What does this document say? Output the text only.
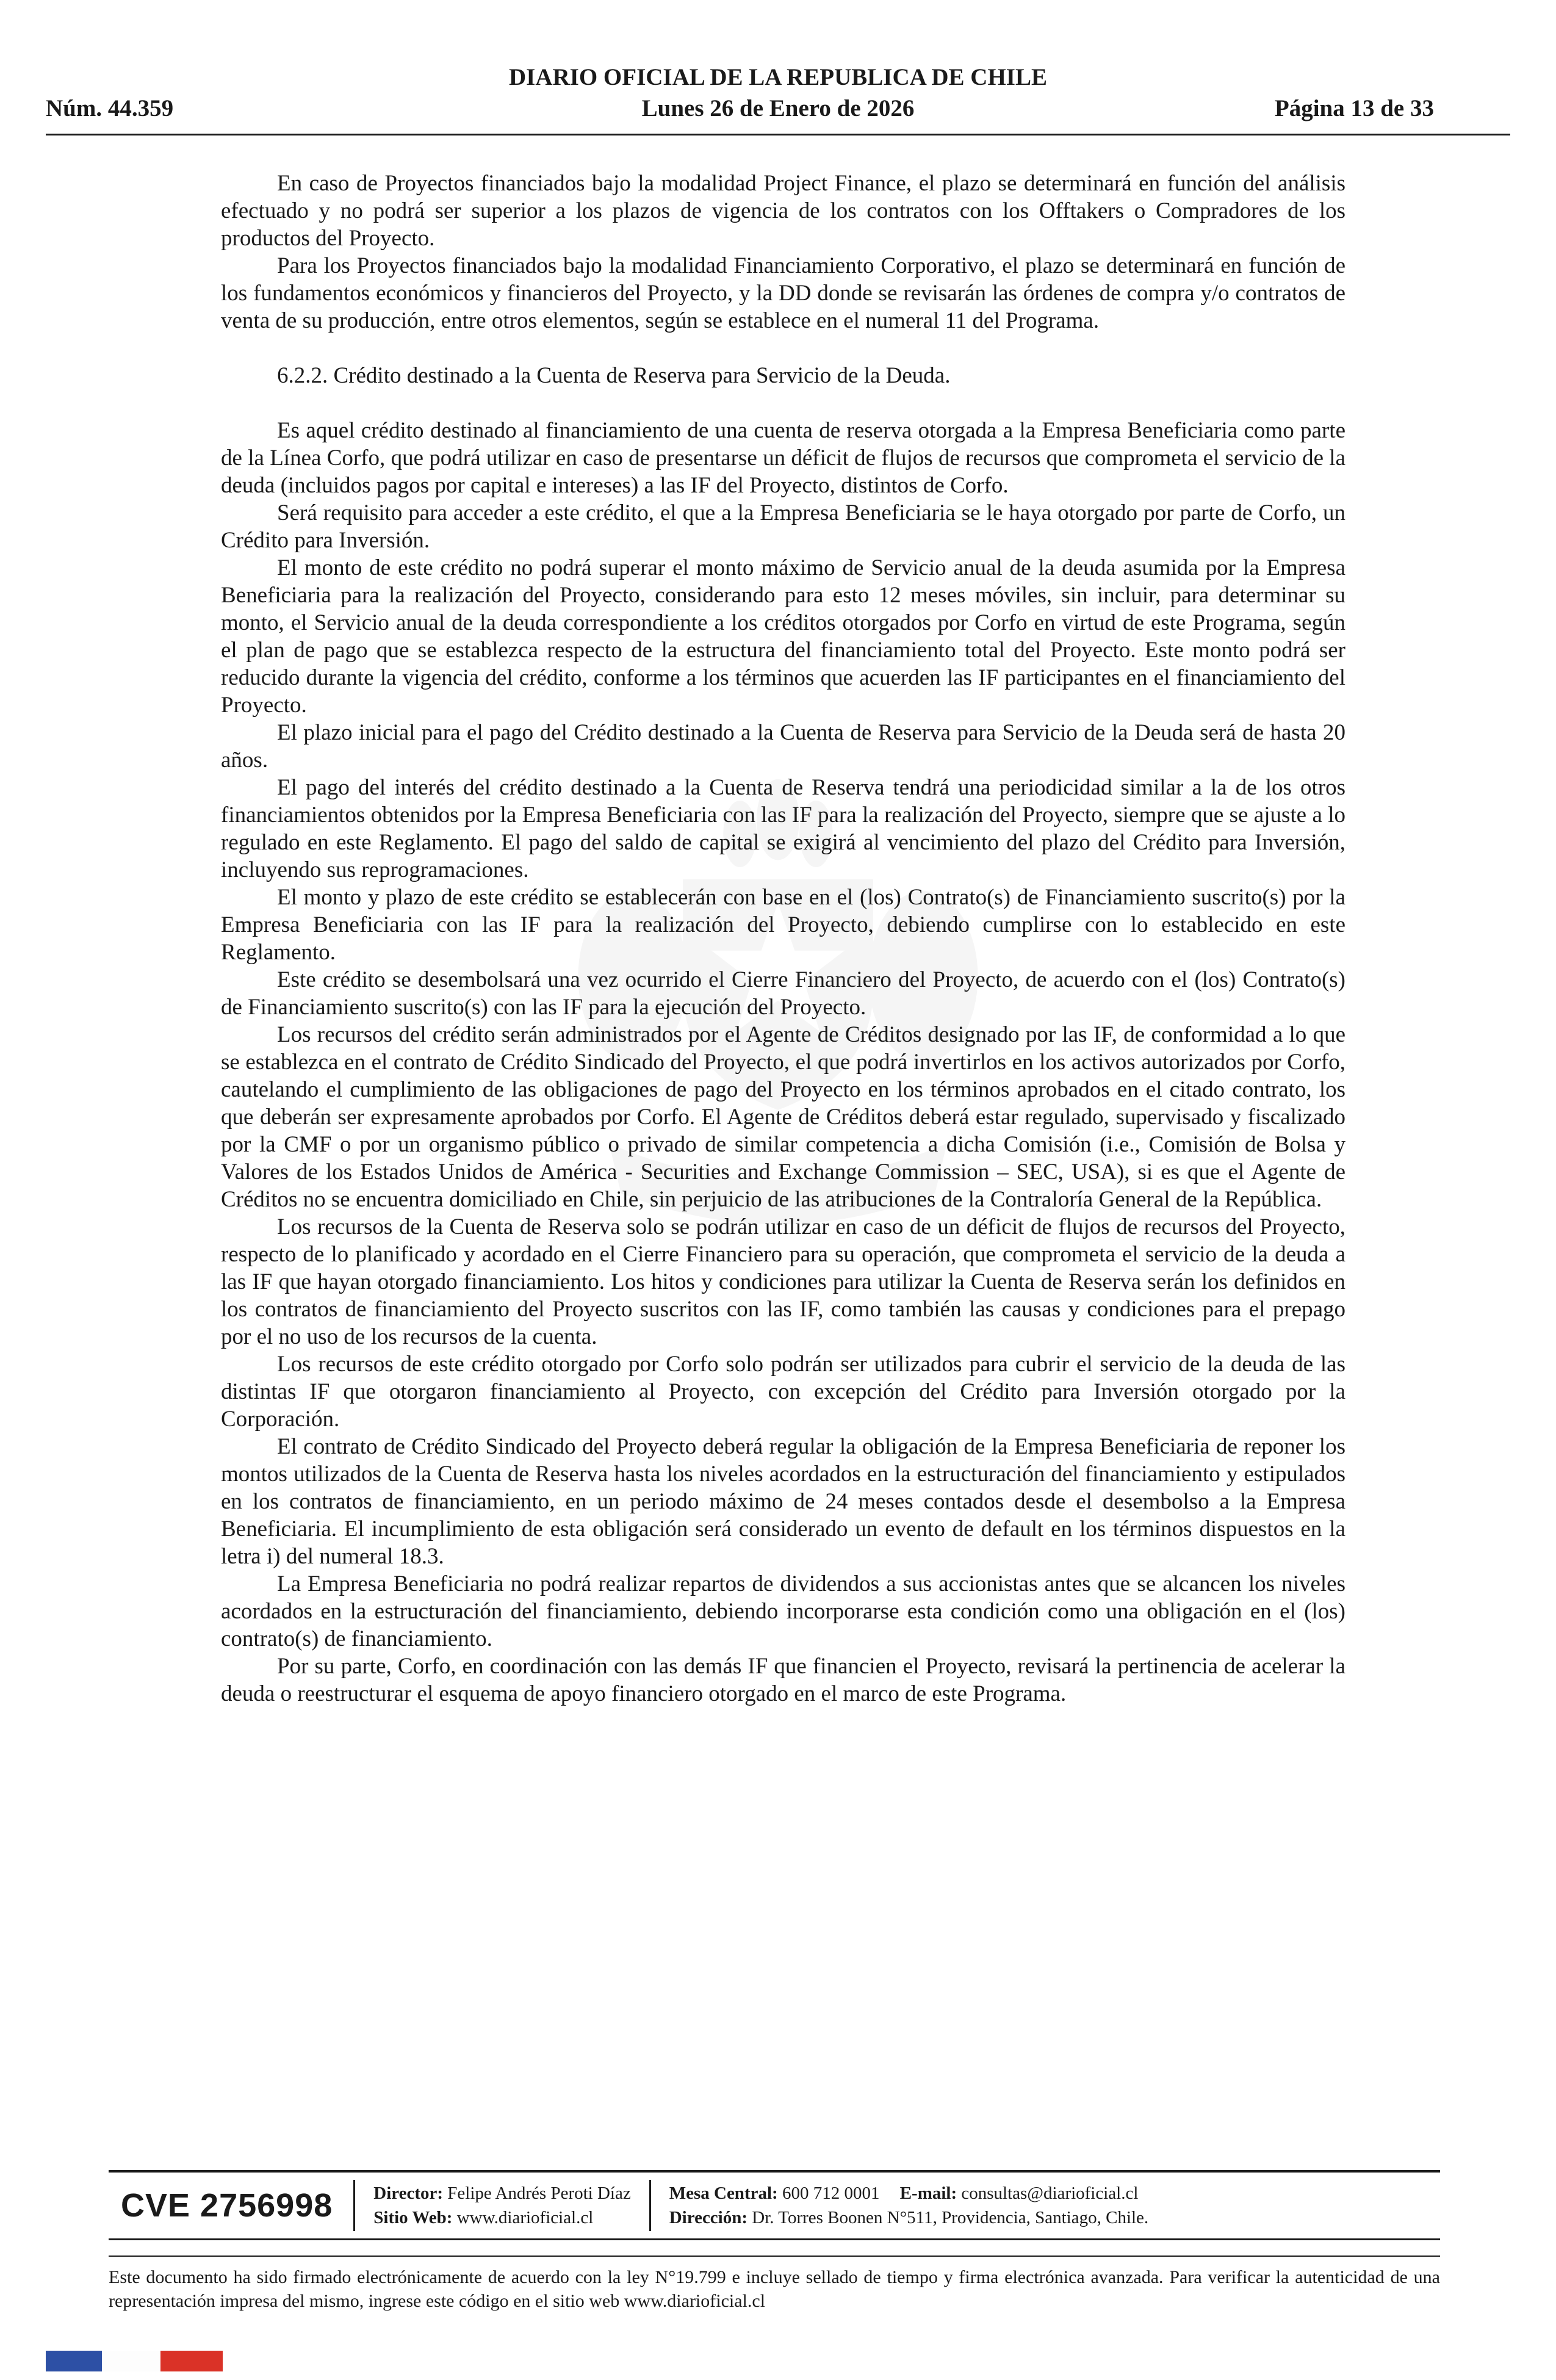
DIARIO OFICIAL DE LA REPUBLICA DE CHILE
Núm. 44.359	Lunes 26 de Enero de 2026	Página 13 de 33

En caso de Proyectos financiados bajo la modalidad Project Finance, el plazo se determinará en función del análisis efectuado y no podrá ser superior a los plazos de vigencia de los contratos con los Offtakers o Compradores de los productos del Proyecto.

Para los Proyectos financiados bajo la modalidad Financiamiento Corporativo, el plazo se determinará en función de los fundamentos económicos y financieros del Proyecto, y la DD donde se revisarán las órdenes de compra y/o contratos de venta de su producción, entre otros elementos, según se establece en el numeral 11 del Programa.

6.2.2. Crédito destinado a la Cuenta de Reserva para Servicio de la Deuda.

Es aquel crédito destinado al financiamiento de una cuenta de reserva otorgada a la Empresa Beneficiaria como parte de la Línea Corfo, que podrá utilizar en caso de presentarse un déficit de flujos de recursos que comprometa el servicio de la deuda (incluidos pagos por capital e intereses) a las IF del Proyecto, distintos de Corfo.

Será requisito para acceder a este crédito, el que a la Empresa Beneficiaria se le haya otorgado por parte de Corfo, un Crédito para Inversión.

El monto de este crédito no podrá superar el monto máximo de Servicio anual de la deuda asumida por la Empresa Beneficiaria para la realización del Proyecto, considerando para esto 12 meses móviles, sin incluir, para determinar su monto, el Servicio anual de la deuda correspondiente a los créditos otorgados por Corfo en virtud de este Programa, según el plan de pago que se establezca respecto de la estructura del financiamiento total del Proyecto. Este monto podrá ser reducido durante la vigencia del crédito, conforme a los términos que acuerden las IF participantes en el financiamiento del Proyecto.

El plazo inicial para el pago del Crédito destinado a la Cuenta de Reserva para Servicio de la Deuda será de hasta 20 años.

El pago del interés del crédito destinado a la Cuenta de Reserva tendrá una periodicidad similar a la de los otros financiamientos obtenidos por la Empresa Beneficiaria con las IF para la realización del Proyecto, siempre que se ajuste a lo regulado en este Reglamento. El pago del saldo de capital se exigirá al vencimiento del plazo del Crédito para Inversión, incluyendo sus reprogramaciones.

El monto y plazo de este crédito se establecerán con base en el (los) Contrato(s) de Financiamiento suscrito(s) por la Empresa Beneficiaria con las IF para la realización del Proyecto, debiendo cumplirse con lo establecido en este Reglamento.

Este crédito se desembolsará una vez ocurrido el Cierre Financiero del Proyecto, de acuerdo con el (los) Contrato(s) de Financiamiento suscrito(s) con las IF para la ejecución del Proyecto.

Los recursos del crédito serán administrados por el Agente de Créditos designado por las IF, de conformidad a lo que se establezca en el contrato de Crédito Sindicado del Proyecto, el que podrá invertirlos en los activos autorizados por Corfo, cautelando el cumplimiento de las obligaciones de pago del Proyecto en los términos aprobados en el citado contrato, los que deberán ser expresamente aprobados por Corfo. El Agente de Créditos deberá estar regulado, supervisado y fiscalizado por la CMF o por un organismo público o privado de similar competencia a dicha Comisión (i.e., Comisión de Bolsa y Valores de los Estados Unidos de América - Securities and Exchange Commission – SEC, USA), si es que el Agente de Créditos no se encuentra domiciliado en Chile, sin perjuicio de las atribuciones de la Contraloría General de la República.

Los recursos de la Cuenta de Reserva solo se podrán utilizar en caso de un déficit de flujos de recursos del Proyecto, respecto de lo planificado y acordado en el Cierre Financiero para su operación, que comprometa el servicio de la deuda a las IF que hayan otorgado financiamiento. Los hitos y condiciones para utilizar la Cuenta de Reserva serán los definidos en los contratos de financiamiento del Proyecto suscritos con las IF, como también las causas y condiciones para el prepago por el no uso de los recursos de la cuenta.

Los recursos de este crédito otorgado por Corfo solo podrán ser utilizados para cubrir el servicio de la deuda de las distintas IF que otorgaron financiamiento al Proyecto, con excepción del Crédito para Inversión otorgado por la Corporación.

El contrato de Crédito Sindicado del Proyecto deberá regular la obligación de la Empresa Beneficiaria de reponer los montos utilizados de la Cuenta de Reserva hasta los niveles acordados en la estructuración del financiamiento y estipulados en los contratos de financiamiento, en un periodo máximo de 24 meses contados desde el desembolso a la Empresa Beneficiaria. El incumplimiento de esta obligación será considerado un evento de default en los términos dispuestos en la letra i) del numeral 18.3.

La Empresa Beneficiaria no podrá realizar repartos de dividendos a sus accionistas antes que se alcancen los niveles acordados en la estructuración del financiamiento, debiendo incorporarse esta condición como una obligación en el (los) contrato(s) de financiamiento.

Por su parte, Corfo, en coordinación con las demás IF que financien el Proyecto, revisará la pertinencia de acelerar la deuda o reestructurar el esquema de apoyo financiero otorgado en el marco de este Programa.

CVE 2756998	Director: Felipe Andrés Peroti Díaz
Sitio Web: www.diarioficial.cl
Mesa Central: 600 712 0001 E-mail: consultas@diarioficial.cl
Dirección: Dr. Torres Boonen N°511, Providencia, Santiago, Chile.
Este documento ha sido firmado electrónicamente de acuerdo con la ley N°19.799 e incluye sellado de tiempo y firma electrónica avanzada. Para verificar la autenticidad de una representación impresa del mismo, ingrese este código en el sitio web www.diarioficial.cl
